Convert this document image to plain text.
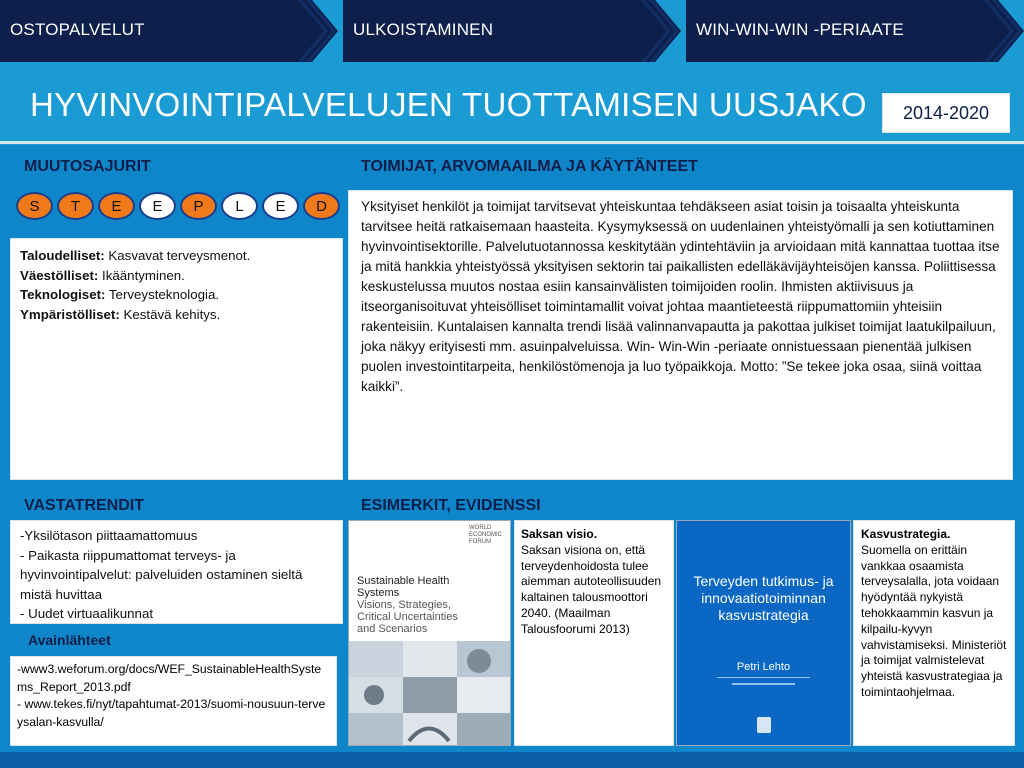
OSTOPALVELUT	ULKOISTAMINEN	WIN-WIN-WIN -PERIAATE
HYVINVOINTIPALVELUJEN TUOTTAMISEN UUSJAKO	2014-2020
MUUTOSAJURIT
S T E E P L E D
Taloudelliset: Kasvavat terveysmenot.
Väestölliset: Ikääntyminen.
Teknologiset: Terveysteknologia.
Ympäristölliset: Kestävä kehitys.
TOIMIJAT, ARVOMAAILMA JA KÄYTÄNTEET
Yksityiset henkilöt ja toimijat tarvitsevat yhteiskuntaa tehdäkseen asiat toisin ja toisaalta yhteiskunta tarvitsee heitä ratkaisemaan haasteita. Kysymyksessä on uudenlainen yhteistyömalli ja sen kotiuttaminen hyvinvointisektorille. Palvelutuotannossa keskitytään ydintehtäviin ja arvioidaan mitä kannattaa tuottaa itse ja mitä hankkia yhteistyössä yksityisen sektorin tai paikallisten edelläkävijäyhteisöjen kanssa. Poliittisessa keskustelussa muutos nostaa esiin kansainvälisten toimijoiden roolin. Ihmisten aktiivisuus ja itseorganisoituvat yhteisölliset toimintamallit voivat johtaa maantieteestä riippumattomiin yhteisiin rakenteisiin. Kuntalaisen kannalta trendi lisää valinnanvapautta ja pakottaa julkiset toimijat laatukilpailuun, joka näkyy erityisesti mm. asuinpalveluissa. Win- Win-Win -periaate onnistuessaan pienentää julkisen puolen investointitarpeita, henkilöstömenoja ja luo työpaikkoja. Motto: ”Se tekee joka osaa, siinä voittaa kaikki”.
VASTATRENDIT
-Yksilötason piittaamattomuus
- Paikasta riippumattomat terveys- ja hyvinvointipalvelut: palveluiden ostaminen sieltä mistä huvittaa
- Uudet virtuaalikunnat
Avainlähteet
-www3.weforum.org/docs/WEF_SustainableHealthSystems_Report_2013.pdf
- www.tekes.fi/nyt/tapahtumat-2013/suomi-nousuun-terveysalan-kasvulla/
ESIMERKIT, EVIDENSSI
WORLD
ECONOMIC
FORUM
Sustainable Health
Systems
Visions, Strategies,
Critical Uncertainties
and Scenarios
Saksan visio.
Saksan visiona on, että terveydenhoidosta tulee aiemman autoteollisuuden kaltainen talousmoottori 2040. (Maailman Talousfoorumi 2013)
Terveyden tutkimus- ja
innovaatiotoiminnan
kasvustrategia
Petri Lehto
Kasvustrategia.
Suomella on erittäin vankkaa osaamista terveysalalla, jota voidaan hyödyntää nykyistä tehokkaammin kasvun ja kilpailu-kyvyn vahvistamiseksi. Ministeriöt ja toimijat valmistelevat yhteistä kasvustrategiaa ja toimintaohjelmaa.
